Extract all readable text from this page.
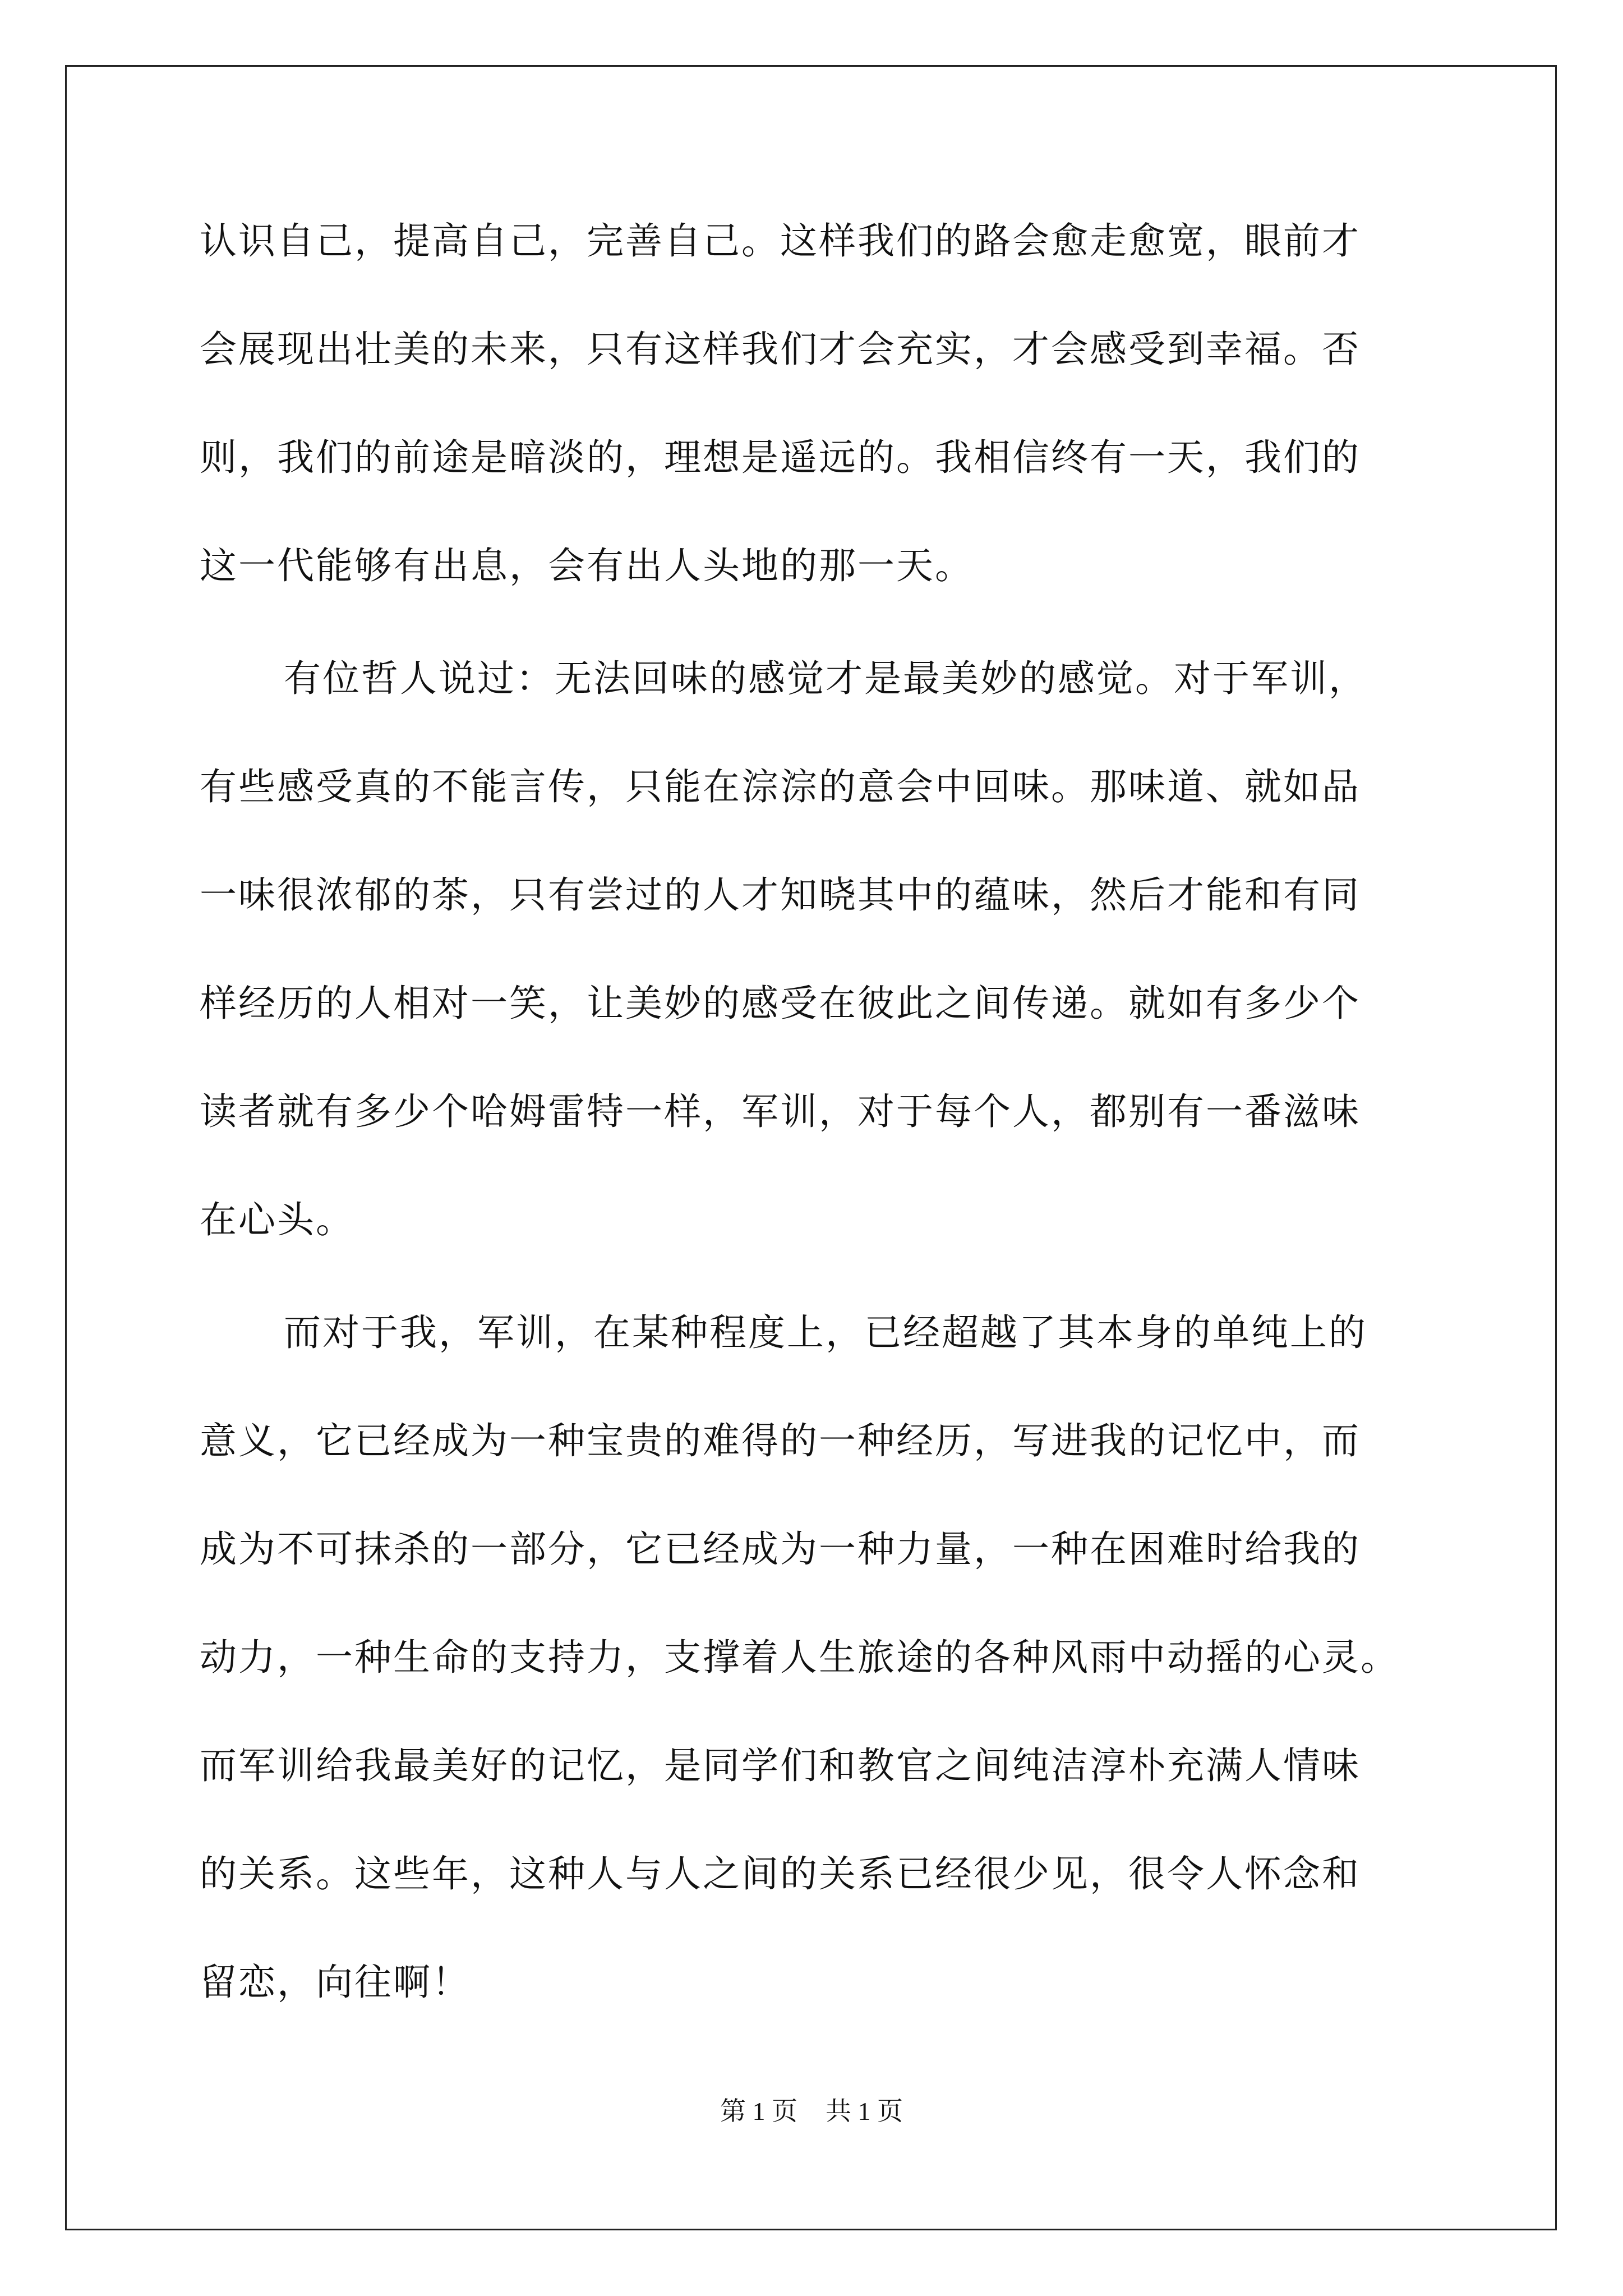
认识自己，提高自己，完善自己。这样我们的路会愈走愈宽，眼前才
会展现出壮美的未来，只有这样我们才会充实，才会感受到幸福。否
则，我们的前途是暗淡的，理想是遥远的。我相信终有一天，我们的
这一代能够有出息，会有出人头地的那一天。
有位哲人说过：无法回味的感觉才是最美妙的感觉。对于军训，
有些感受真的不能言传，只能在淙淙的意会中回味。那味道、就如品
一味很浓郁的茶，只有尝过的人才知晓其中的蕴味，然后才能和有同
样经历的人相对一笑，让美妙的感受在彼此之间传递。就如有多少个
读者就有多少个哈姆雷特一样，军训，对于每个人，都别有一番滋味
在心头。
而对于我，军训，在某种程度上，已经超越了其本身的单纯上的
意义，它已经成为一种宝贵的难得的一种经历，写进我的记忆中，而
成为不可抹杀的一部分，它已经成为一种力量，一种在困难时给我的
动力，一种生命的支持力，支撑着人生旅途的各种风雨中动摇的心灵。
而军训给我最美好的记忆，是同学们和教官之间纯洁淳朴充满人情味
的关系。这些年，这种人与人之间的关系已经很少见，很令人怀念和
留恋，向往啊！
第 1 页 共 1 页
